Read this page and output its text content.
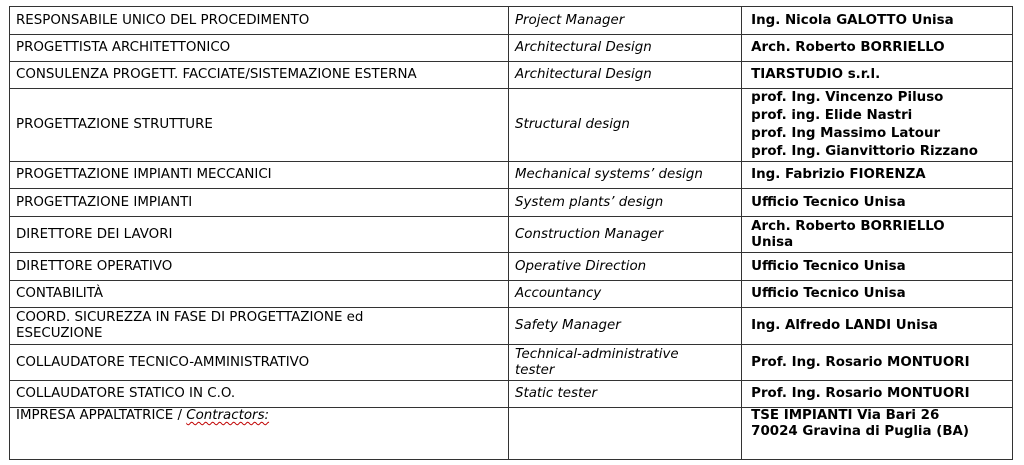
RESPONSABILE UNICO DEL PROCEDIMENTO	Project Manager	Ing. Nicola GALOTTO Unisa

PROGETTISTA ARCHITETTONICO	Architectural Design	Arch. Roberto BORRIELLO

CONSULENZA PROGETT. FACCIATE/SISTEMAZIONE ESTERNA	Architectural Design	TIARSTUDIO s.r.l.

PROGETTAZIONE STRUTTURE	Structural design	prof. Ing. Vincenzo Piluso
prof. ing. Elide Nastri
prof. Ing Massimo Latour
prof. Ing. Gianvittorio Rizzano

PROGETTAZIONE IMPIANTI MECCANICI	Mechanical systems’ design	Ing. Fabrizio FIORENZA

PROGETTAZIONE IMPIANTI	System plants’ design	Ufficio Tecnico Unisa

DIRETTORE DEI LAVORI	Construction Manager	Arch. Roberto BORRIELLO
Unisa

DIRETTORE OPERATIVO	Operative Direction	Ufficio Tecnico Unisa

CONTABILITÀ	Accountancy	Ufficio Tecnico Unisa

COORD. SICUREZZA IN FASE DI PROGETTAZIONE ed
ESECUZIONE	Safety Manager	Ing. Alfredo LANDI Unisa

COLLAUDATORE TECNICO-AMMINISTRATIVO	Technical-administrative
tester	Prof. Ing. Rosario MONTUORI

COLLAUDATORE STATICO IN C.O.	Static tester	Prof. Ing. Rosario MONTUORI

IMPRESA APPALTATRICE / Contractors:		TSE IMPIANTI Via Bari 26
70024 Gravina di Puglia (BA)
